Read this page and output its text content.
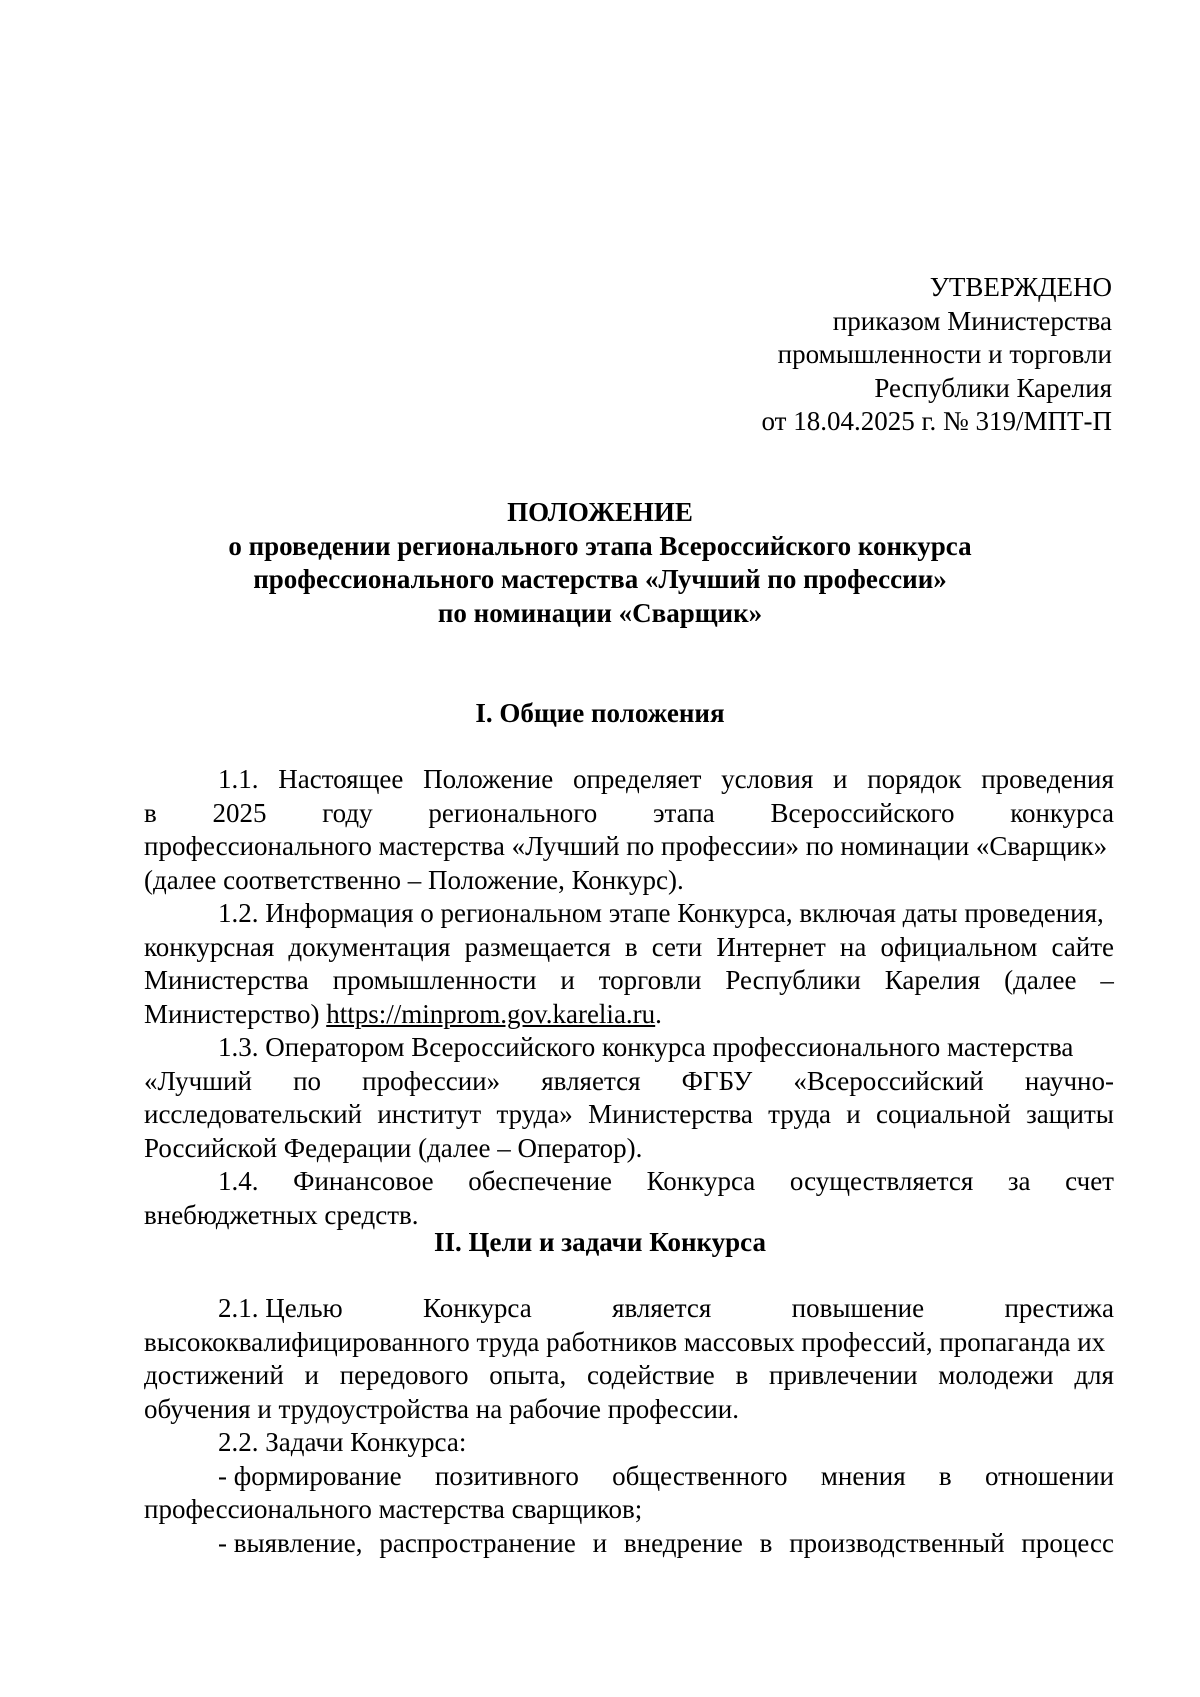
УТВЕРЖДЕНО
приказом Министерства
промышленности и торговли
Республики Карелия
от 18.04.2025 г. № 319/МПТ-П
ПОЛОЖЕНИЕ
о проведении регионального этапа Всероссийского конкурса
профессионального мастерства «Лучший по профессии»
по номинации «Сварщик»
I. Общие положения
1.1. Настоящее Положение определяет условия и порядок проведения
в 2025 году регионального этапа Всероссийского конкурса
профессионального мастерства «Лучший по профессии» по номинации «Сварщик»
(далее соответственно – Положение, Конкурс).
1.2. Информация о региональном этапе Конкурса, включая даты проведения,
конкурсная документация размещается в сети Интернет на официальном сайте
Министерства промышленности и торговли Республики Карелия (далее –
Министерство) https://minprom.gov.karelia.ru.
1.3. Оператором Всероссийского конкурса профессионального мастерства
«Лучший по профессии» является ФГБУ «Всероссийский научно-
исследовательский институт труда» Министерства труда и социальной защиты
Российской Федерации (далее – Оператор).
1.4. Финансовое обеспечение Конкурса осуществляется за счет
внебюджетных средств.
II. Цели и задачи Конкурса
2.1. Целью	Конкурса	является	повышение	престижа
высококвалифицированного труда работников массовых профессий, пропаганда их
достижений и передового опыта, содействие в привлечении молодежи для
обучения и трудоустройства на рабочие профессии.
2.2. Задачи Конкурса:
- формирование позитивного общественного мнения в отношении
профессионального мастерства сварщиков;
- выявление, распространение и внедрение в производственный процесс
